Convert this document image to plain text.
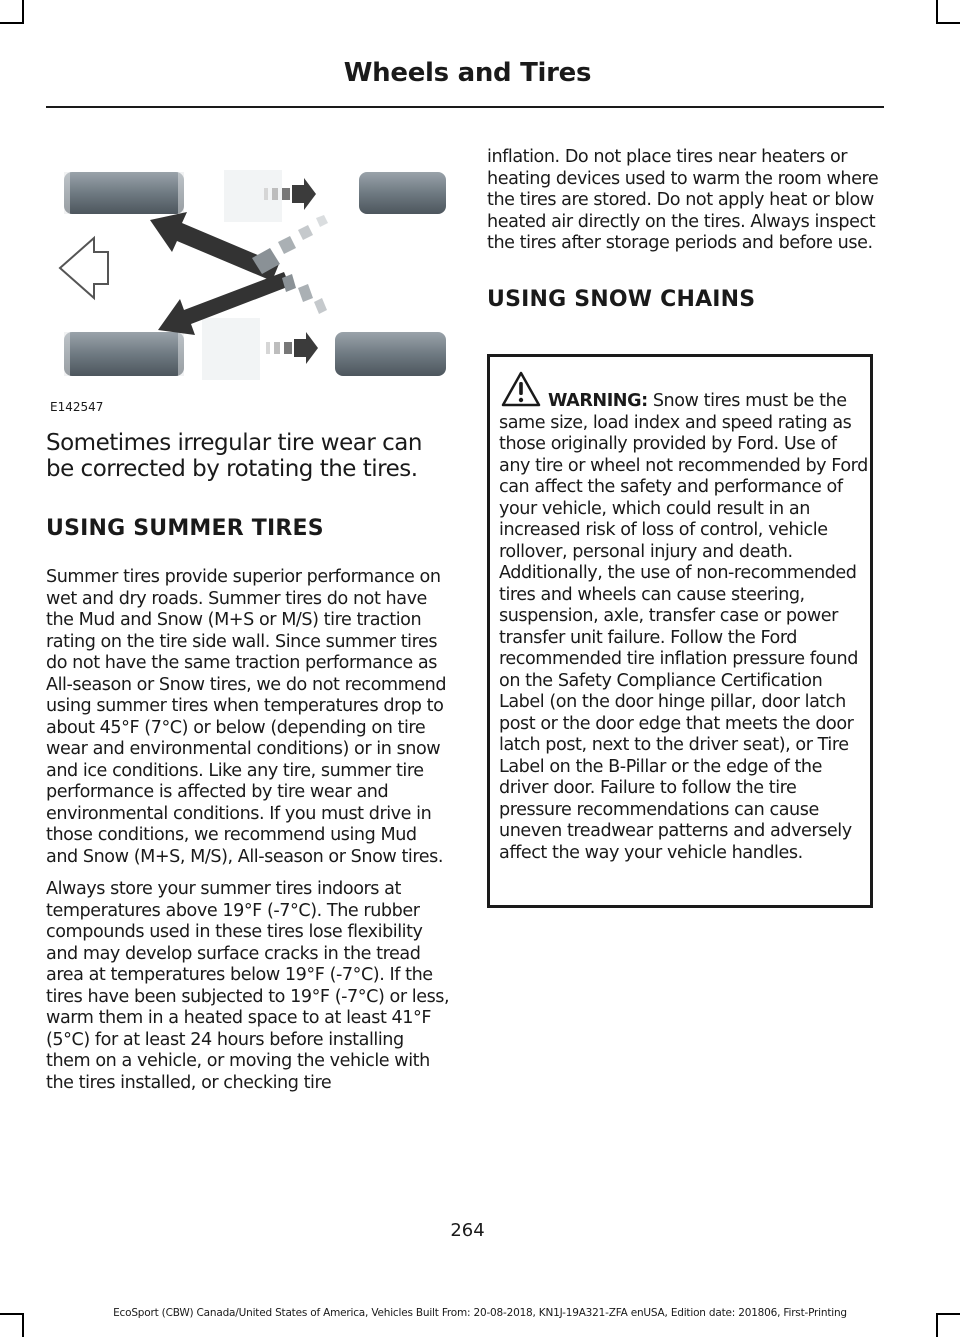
Wheels and Tires
E142547

Sometimes irregular tire wear can be corrected by rotating the tires.

USING SUMMER TIRES

Summer tires provide superior performance on wet and dry roads. Summer tires do not have the Mud and Snow (M+S or M/S) tire traction rating on the tire side wall. Since summer tires do not have the same traction performance as All-season or Snow tires, we do not recommend using summer tires when temperatures drop to about 45°F (7°C) or below (depending on tire wear and environmental conditions) or in snow and ice conditions. Like any tire, summer tire performance is affected by tire wear and environmental conditions. If you must drive in those conditions, we recommend using Mud and Snow (M+S, M/S), All-season or Snow tires.

Always store your summer tires indoors at temperatures above 19°F (-7°C). The rubber compounds used in these tires lose flexibility and may develop surface cracks in the tread area at temperatures below 19°F (-7°C). If the tires have been subjected to 19°F (-7°C) or less, warm them in a heated space to at least 41°F (5°C) for at least 24 hours before installing them on a vehicle, or moving the vehicle with the tires installed, or checking tire

inflation. Do not place tires near heaters or heating devices used to warm the room where the tires are stored. Do not apply heat or blow heated air directly on the tires. Always inspect the tires after storage periods and before use.

USING SNOW CHAINS
WARNING: Snow tires must be the same size, load index and speed rating as those originally provided by Ford. Use of any tire or wheel not recommended by Ford can affect the safety and performance of your vehicle, which could result in an increased risk of loss of control, vehicle rollover, personal injury and death. Additionally, the use of non-recommended tires and wheels can cause steering, suspension, axle, transfer case or power transfer unit failure. Follow the Ford recommended tire inflation pressure found on the Safety Compliance Certification Label (on the door hinge pillar, door latch post or the door edge that meets the door latch post, next to the driver seat), or Tire Label on the B-Pillar or the edge of the driver door. Failure to follow the tire pressure recommendations can cause uneven treadwear patterns and adversely affect the way your vehicle handles.
264
EcoSport (CBW) Canada/United States of America, Vehicles Built From: 20-08-2018, KN1J-19A321-ZFA enUSA, Edition date: 201806, First-Printing
